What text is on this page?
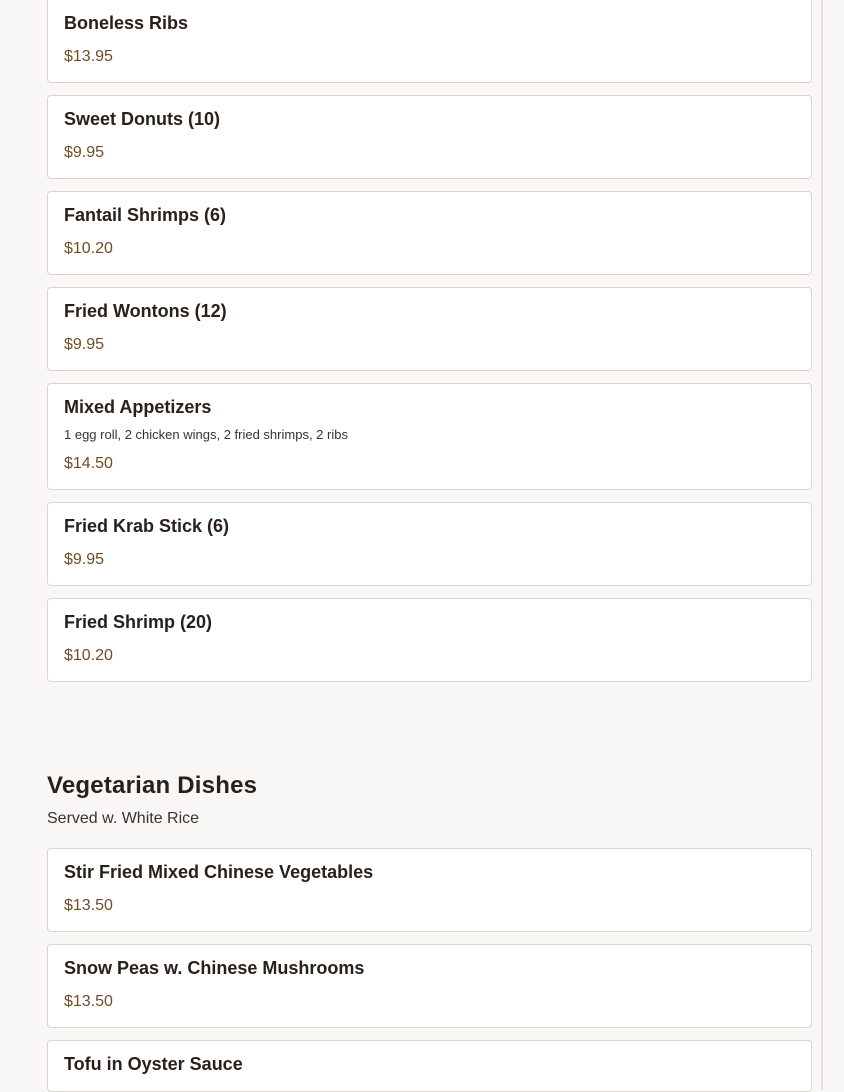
Boneless Ribs
$13.95
Sweet Donuts (10)
$9.95
Fantail Shrimps (6)
$10.20
Fried Wontons (12)
$9.95
Mixed Appetizers
1 egg roll, 2 chicken wings, 2 fried shrimps, 2 ribs
$14.50
Fried Krab Stick (6)
$9.95
Fried Shrimp (20)
$10.20
Vegetarian Dishes
Served w. White Rice
Stir Fried Mixed Chinese Vegetables
$13.50
Snow Peas w. Chinese Mushrooms
$13.50
Tofu in Oyster Sauce
